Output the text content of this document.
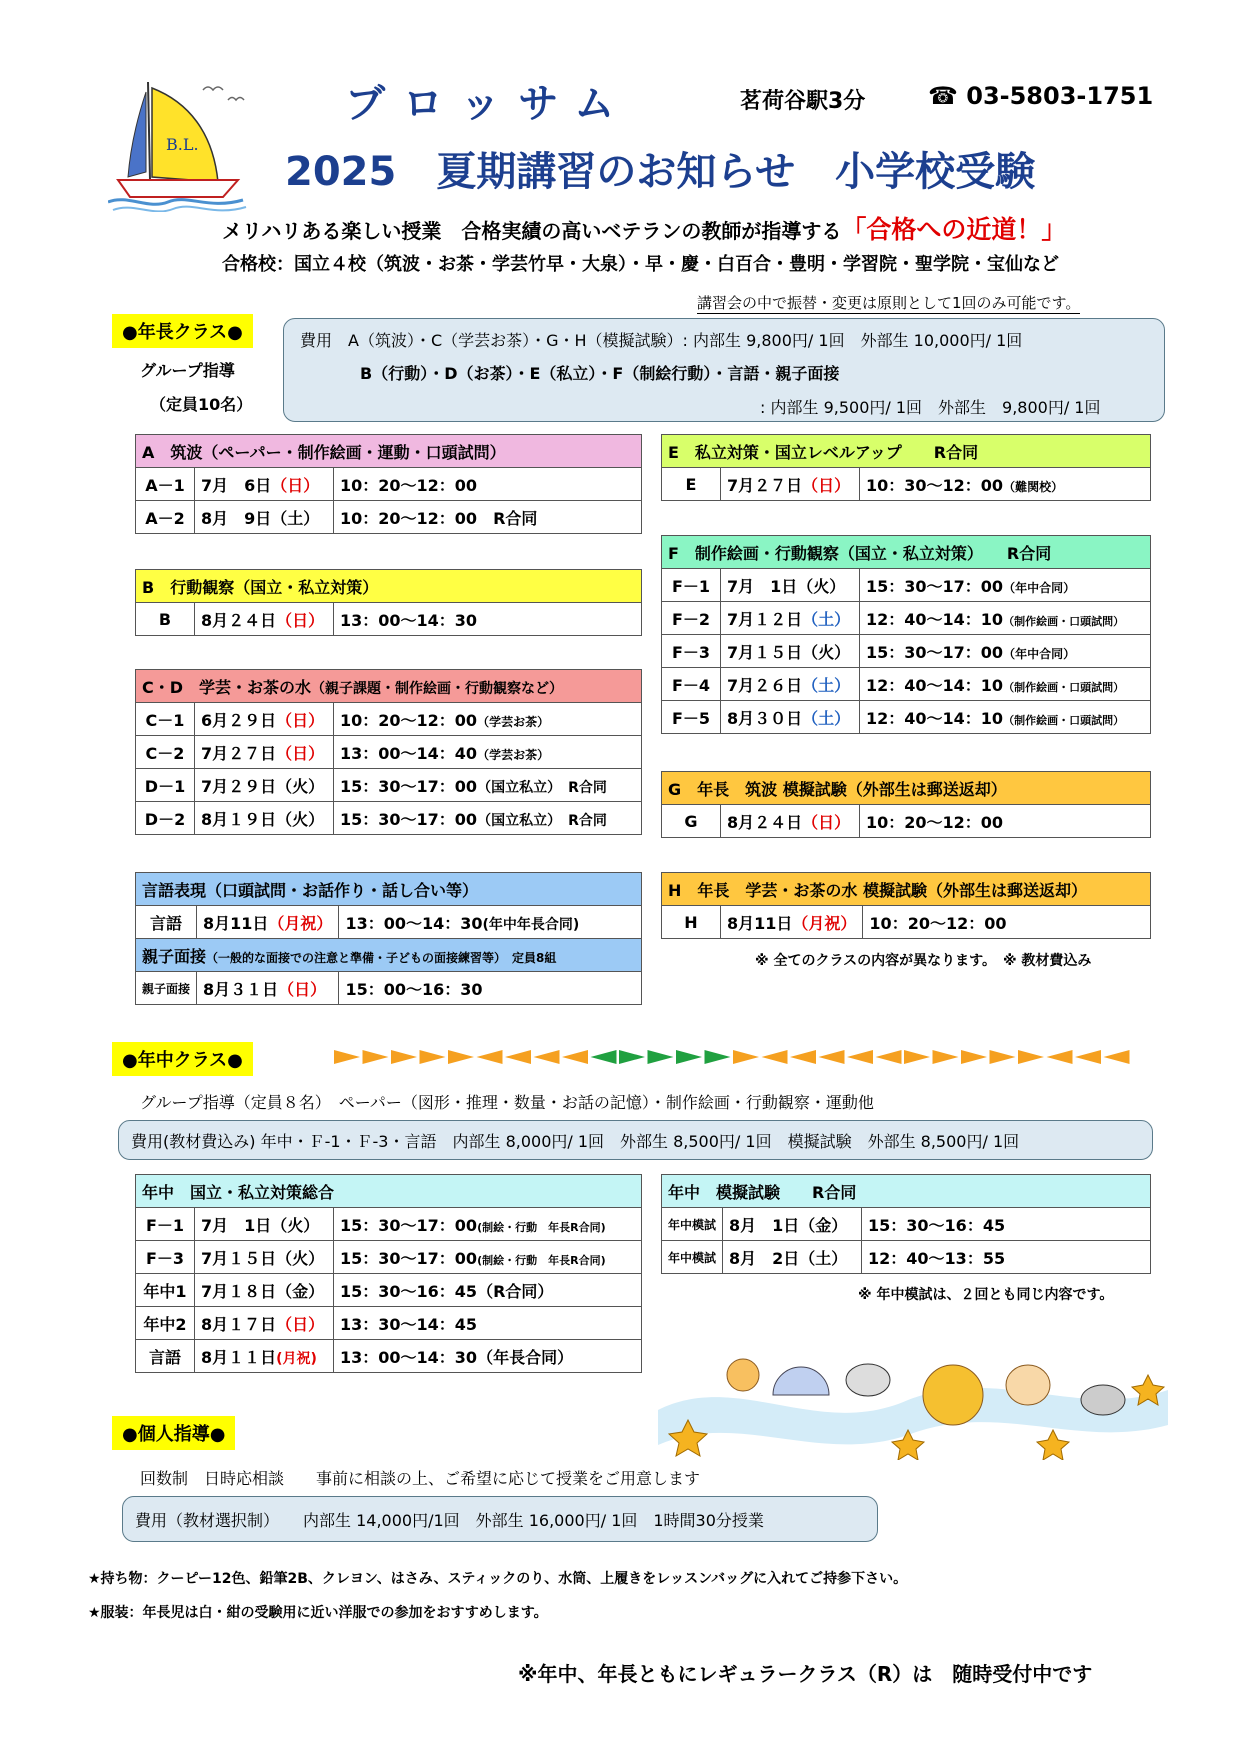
B.L.
ブロッサム	茗荷谷駅3分	☎ 03-5803-1751
2025　夏期講習のお知らせ　小学校受験
メリハリある楽しい授業　合格実績の高いベテランの教師が指導する「合格への近道！」
合格校：国立４校（筑波・お茶・学芸竹早・大泉）・早・慶・白百合・豊明・学習院・聖学院・宝仙など
講習会の中で振替・変更は原則として1回のみ可能です。
●年長クラス●
グループ指導
（定員10名）
費用　A（筑波）・C（学芸お茶）・G・H（模擬試験）: 内部生 9,800円/ 1回　外部生 10,000円/ 1回
B（行動）・D（お茶）・E（私立）・F（制絵行動）・言語・親子面接
: 内部生 9,500円/ 1回　外部生　9,800円/ 1回
A　筑波（ペーパー・制作絵画・運動・口頭試問）		
A－1	7月　6日（日）	10：20～12：00
A－2	8月　9日（土）	10：20～12：00　R合同
B　行動観察（国立・私立対策）
B	8月２４日（日）	13：00～14：30
C・D　学芸・お茶の水（親子課題・制作絵画・行動観察など）		
C－1	6月２９日（日）	10：20～12：00（学芸お茶）
C－2	7月２７日（日）	13：00～14：40（学芸お茶）
D－1	7月２９日（火）	15：30～17：00（国立私立）　R合同
D－2	8月１９日（火）	15：30～17：00（国立私立）　R合同
言語表現（口頭試問・お話作り・話し合い等）		
言語	8月11日（月祝）	13：00～14：30(年中年長合同)
親子面接（一般的な面接での注意と準備・子どもの面接練習等）　定員8組		
親子面接	8月３１日（日）	15：00～16：30
E　私立対策・国立レベルアップ　　R合同
E	7月２７日（日）	10：30～12：00（難関校）
F　制作絵画・行動観察（国立・私立対策）　　R合同		
F－1	7月　1日（火）	15：30～17：00（年中合同）
F－2	7月１２日（土）	12：40～14：10（制作絵画・口頭試問）
F－3	7月１５日（火）	15：30～17：00（年中合同）
F－4	7月２６日（土）	12：40～14：10（制作絵画・口頭試問）
F－5	8月３０日（土）	12：40～14：10（制作絵画・口頭試問）
G　年長　筑波 模擬試験（外部生は郵送返却）
G	8月２４日（日）	10：20～12：00
H　年長　学芸・お茶の水 模擬試験（外部生は郵送返却）
H	8月11日（月祝）	10：20～12：00
※ 全てのクラスの内容が異なります。　※ 教材費込み
●年中クラス●
グループ指導（定員８名）　ペーパー（図形・推理・数量・お話の記憶）・制作絵画・行動観察・運動他
費用(教材費込み) 年中・Ｆ-1・Ｆ-3・言語　内部生 8,000円/ 1回　外部生 8,500円/ 1回　模擬試験　外部生 8,500円/ 1回
年中　国立・私立対策総合		
F－1	7月　1日（火）	15：30～17：00(制絵・行動　年長R合同)
F－3	7月１５日（火）	15：30～17：00(制絵・行動　年長R合同)
年中1	7月１８日（金）	15：30～16：45（R合同）
年中2	8月１７日（日）	13：30～14：45
言語	8月１１日(月祝)	13：00～14：30（年長合同）
年中　模擬試験　　R合同		
年中模試	8月　1日（金）	15：30～16：45
年中模試	8月　2日（土）	12：40～13：55
※ 年中模試は、２回とも同じ内容です。
●個人指導●
回数制　日時応相談　　事前に相談の上、ご希望に応じて授業をご用意します
費用（教材選択制）　　内部生 14,000円/1回　外部生 16,000円/ 1回　1時間30分授業
★持ち物：クーピー12色、鉛筆2B、クレヨン、はさみ、スティックのり、水筒、上履きをレッスンバッグに入れてご持参下さい。
★服装：年長児は白・紺の受験用に近い洋服での参加をおすすめします。
※年中、年長ともにレギュラークラス（R）は　随時受付中です
